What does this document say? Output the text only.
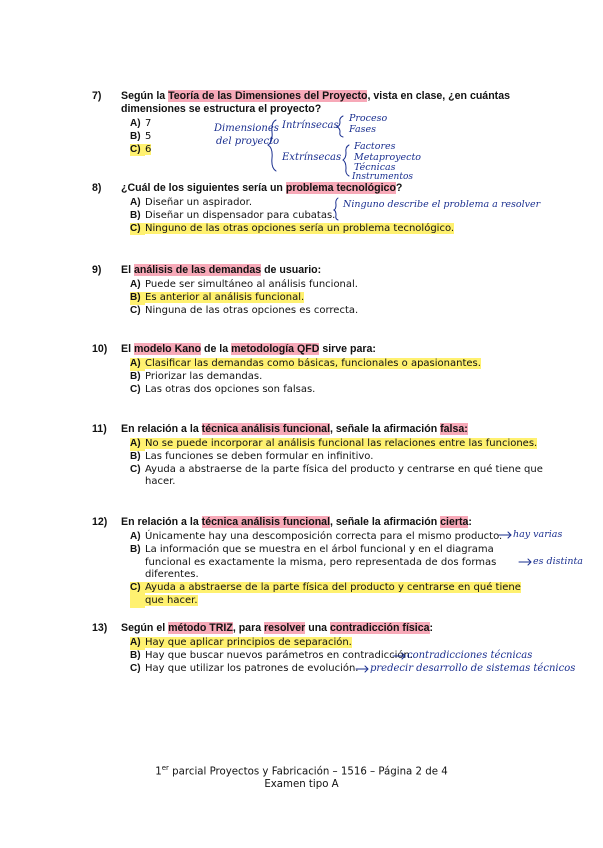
7)	Según la Teoría de las Dimensiones del Proyecto, vista en clase, ¿en cuántas dimensiones se estructura el proyecto?
A) 7
B) 5
C) 6
8)	¿Cuál de los siguientes sería un problema tecnológico?
A) Diseñar un aspirador.
B) Diseñar un dispensador para cubatas.
C) Ninguno de las otras opciones sería un problema tecnológico.
9)	El análisis de las demandas de usuario:
A) Puede ser simultáneo al análisis funcional.
B) Es anterior al análisis funcional.
C) Ninguna de las otras opciones es correcta.
10)	El modelo Kano de la metodología QFD sirve para:
A) Clasificar las demandas como básicas, funcionales o apasionantes.
B) Priorizar las demandas.
C) Las otras dos opciones son falsas.
11)	En relación a la técnica análisis funcional, señale la afirmación falsa:
A) No se puede incorporar al análisis funcional las relaciones entre las funciones.
B) Las funciones se deben formular en infinitivo.
C) Ayuda a abstraerse de la parte física del producto y centrarse en qué tiene que hacer.
12)	En relación a la técnica análisis funcional, señale la afirmación cierta:
A) Únicamente hay una descomposición correcta para el mismo producto.
B) La información que se muestra en el árbol funcional y en el diagrama funcional es exactamente la misma, pero representada de dos formas diferentes.
C) Ayuda a abstraerse de la parte física del producto y centrarse en qué tiene que hacer.
13)	Según el método TRIZ, para resolver una contradicción física:
A) Hay que aplicar principios de separación.
B) Hay que buscar nuevos parámetros en contradicción.
C) Hay que utilizar los patrones de evolución.
Dimensiones
del proyecto
Intrínsecas
Proceso
Fases
Extrínsecas
Factores
Metaproyecto
Técnicas
Instrumentos
Ninguno describe el problema a resolver
hay varias
es distinta
contradicciones técnicas
predecir desarrollo de sistemas técnicos
1er parcial Proyectos y Fabricación – 1516 – Página 2 de 4
Examen tipo A
